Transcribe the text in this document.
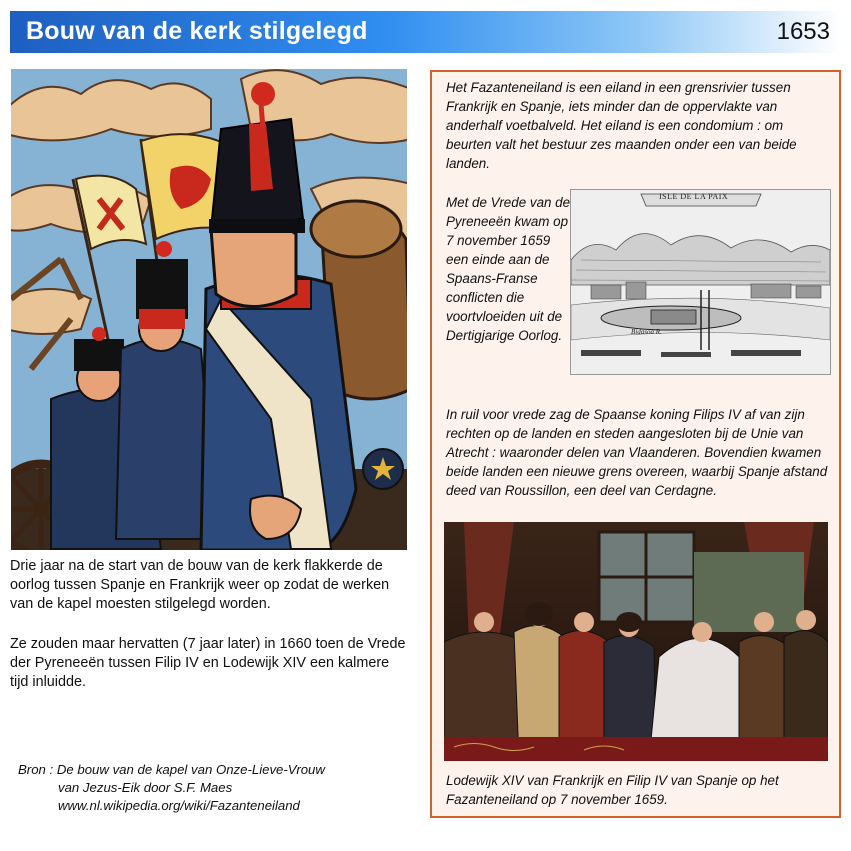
Bouw van de kerk stilgelegd	1653

Drie jaar na de start van de bouw van de kerk flakkerde de oorlog tussen Spanje en Frankrijk weer op zodat de werken van de kapel moesten stilgelegd worden.

Ze zouden maar hervatten (7 jaar later) in 1660 toen de Vrede der Pyreneeën tussen Filip IV en Lodewijk XIV een kalmere tijd inluidde.

Bron : De bouw van de kapel van Onze-Lieve-Vrouw
van Jezus-Eik door S.F. Maes
www.nl.wikipedia.org/wiki/Fazanteneiland
Het Fazanteneiland is een eiland in een grensrivier tussen Frankrijk en Spanje, iets minder dan de oppervlakte van anderhalf voetbalveld. Het eiland is een condomium : om beurten valt het bestuur zes maanden onder een van beide landen.
Met de Vrede van de Pyreneeën kwam op 7 november 1659 een einde aan de Spaans-Franse conflicten die voortvloeiden uit de Dertigjarige Oorlog.
ISLE DE LA PAIX
Bidasoa R.
In ruil voor vrede zag de Spaanse koning Filips IV af van zijn rechten op de landen en steden aangesloten bij de Unie van Atrecht : waaronder delen van Vlaanderen. Bovendien kwamen beide landen een nieuwe grens overeen, waarbij Spanje afstand deed van Roussillon, een deel van Cerdagne.
Lodewijk XIV van Frankrijk en Filip IV van Spanje op het Fazanteneiland op 7 november 1659.
